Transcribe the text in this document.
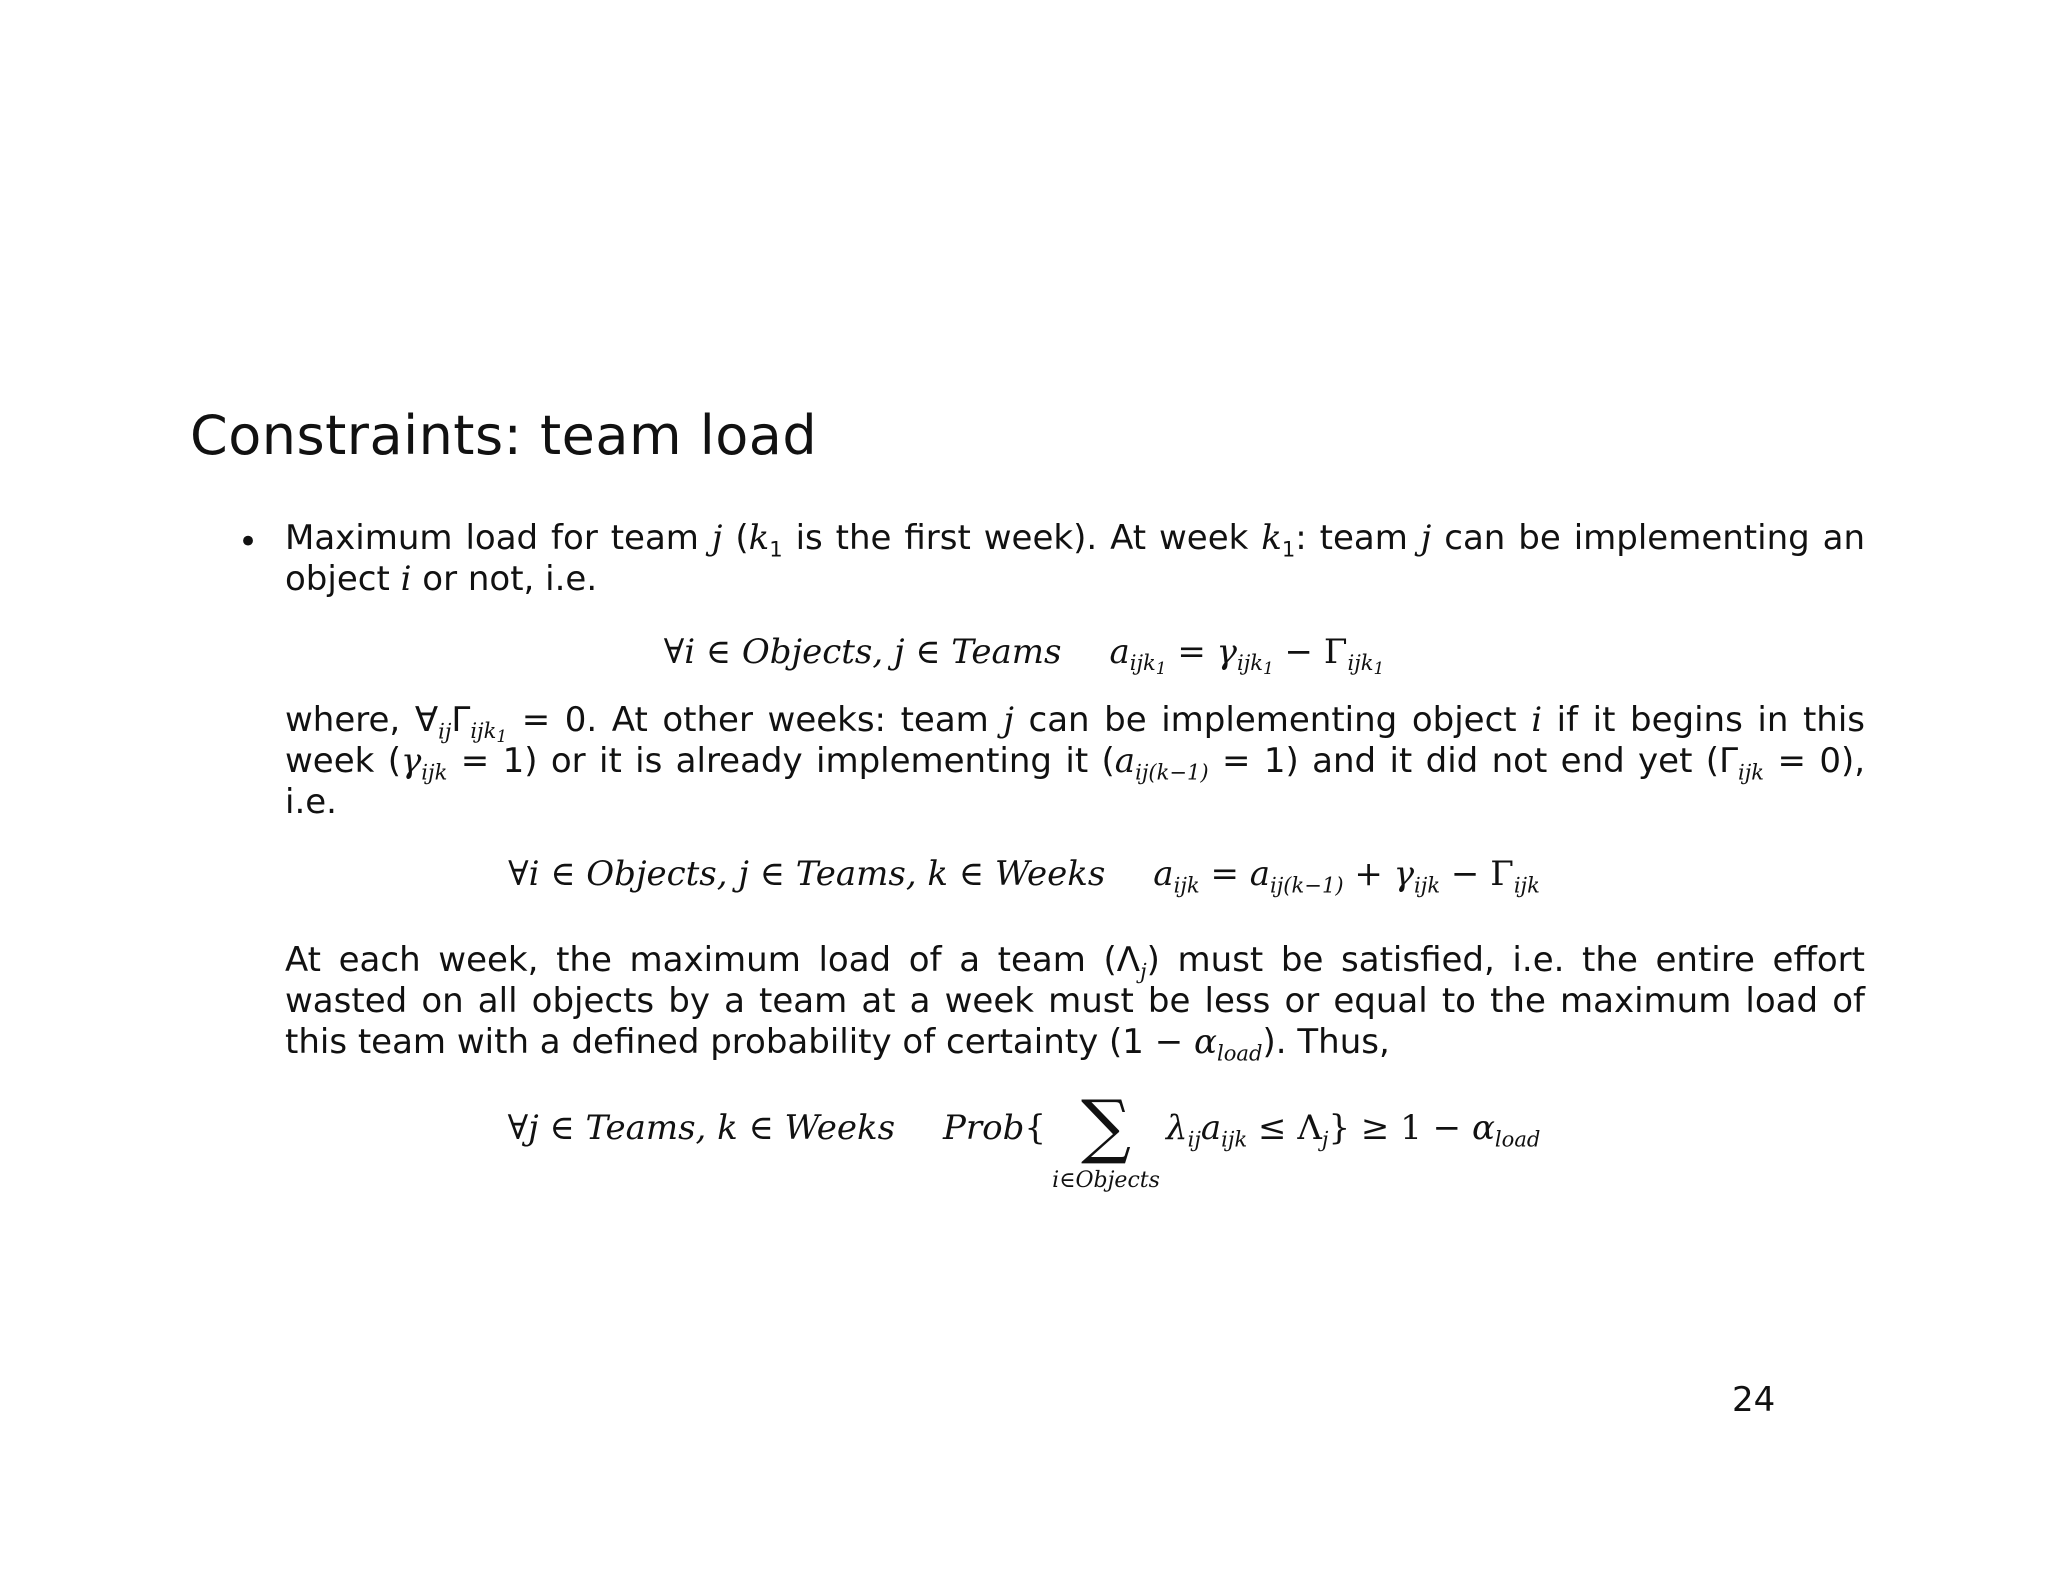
Constraints: team load
• Maximum load for team j ($k_1$ is the first week). At week $k_1$: team j can be implementing an object i or not, i.e.

∀i ∈ Objects, j ∈ Teams $a_{ijk_1} = \gamma_{ijk_1} - \Gamma_{ijk_1}$

where, $\forall_{ij}\Gamma_{ijk_1} = 0$. At other weeks: team j can be implementing object i if it begins in this week $(\gamma_{ijk} = 1)$ or it is already implementing it $(a_{ij(k-1)} = 1)$ and it did not end yet $(\Gamma_{ijk} = 0)$, i.e.

∀i ∈ Objects, j ∈ Teams, k ∈ Weeks $a_{ijk} = a_{ij(k-1)} + \gamma_{ijk} - \Gamma_{ijk}$

At each week, the maximum load of a team $(\Lambda_j)$ must be satisfied, i.e. the entire effort wasted on all objects by a team at a week must be less or equal to the maximum load of this team with a defined probability of certainty $(1 - \alpha_{load})$. Thus,

∀j ∈ Teams, k ∈ Weeks Prob{ ∑
i∈Objects
$\lambda_{ij}a_{ijk} \le \Lambda_j\} \ge 1 - \alpha_{load}$
24
